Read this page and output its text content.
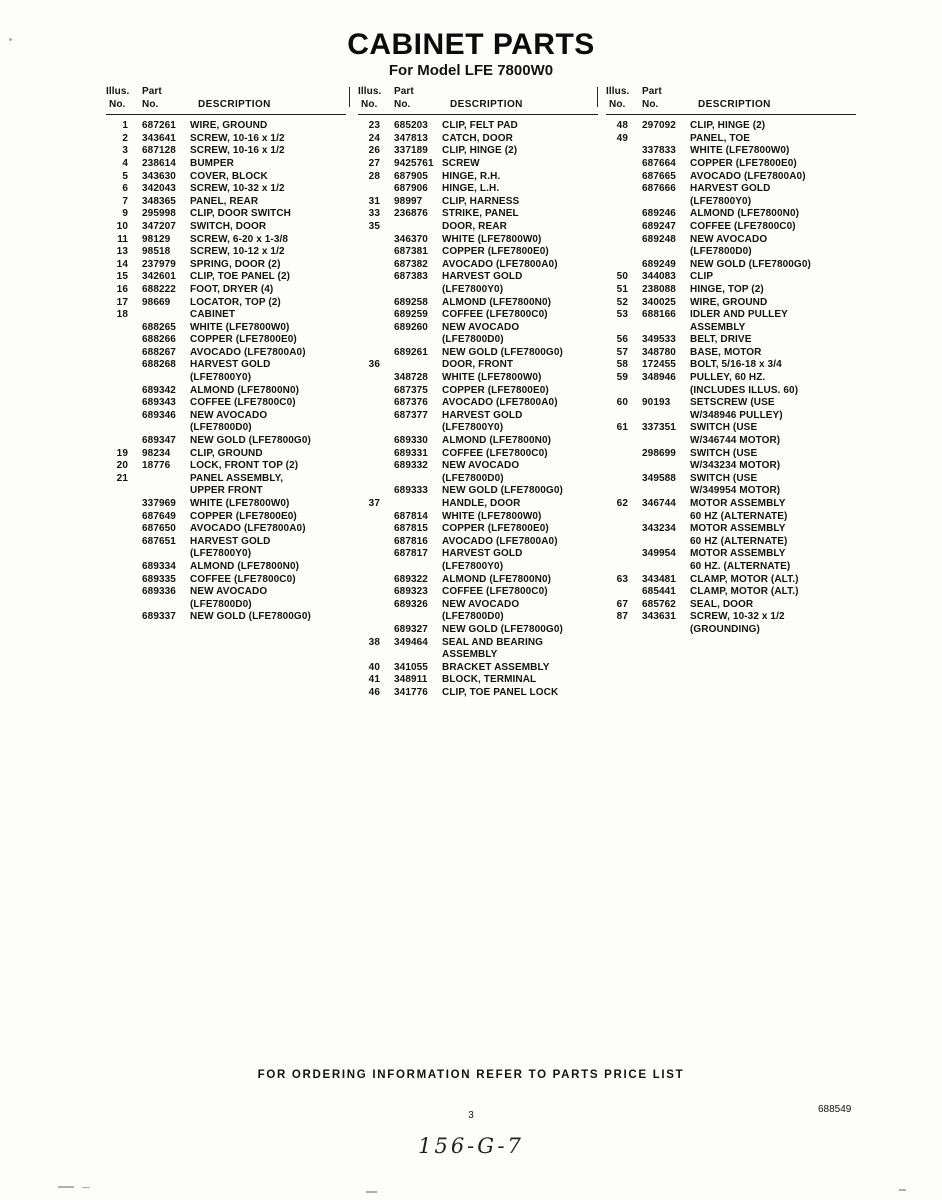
CABINET PARTS
For Model LFE 7800W0
Illus.	Part
No. No.	DESCRIPTION
1 687261	WIRE, GROUND
2 343641	SCREW, 10-16 x 1/2
3 687128	SCREW, 10-16 x 1/2
4 238614	BUMPER
5 343630	COVER, BLOCK
6 342043	SCREW, 10-32 x 1/2
7 348365	PANEL, REAR
9 295998	CLIP, DOOR SWITCH
10 347207	SWITCH, DOOR
11 98129	SCREW, 6-20 x 1-3/8
13 98518	SCREW, 10-12 x 1/2
14 237979	SPRING, DOOR (2)
15 342601	CLIP, TOE PANEL (2)
16 688222	FOOT, DRYER (4)
17 98669	LOCATOR, TOP (2)
18	CABINET
688265	WHITE (LFE7800W0)
688266	COPPER (LFE7800E0)
688267	AVOCADO (LFE7800A0)
688268	HARVEST GOLD
(LFE7800Y0)
689342	ALMOND (LFE7800N0)
689343	COFFEE (LFE7800C0)
689346	NEW AVOCADO
(LFE7800D0)
689347	NEW GOLD (LFE7800G0)
19 98234	CLIP, GROUND
20 18776	LOCK, FRONT TOP (2)
21	PANEL ASSEMBLY,
UPPER FRONT
337969	WHITE (LFE7800W0)
687649	COPPER (LFE7800E0)
687650	AVOCADO (LFE7800A0)
687651	HARVEST GOLD
(LFE7800Y0)
689334	ALMOND (LFE7800N0)
689335	COFFEE (LFE7800C0)
689336	NEW AVOCADO
(LFE7800D0)
689337	NEW GOLD (LFE7800G0)
Illus.	Part
No. No.	DESCRIPTION
23 685203	CLIP, FELT PAD
24 347813	CATCH, DOOR
26 337189	CLIP, HINGE (2)
27 9425761 SCREW
28 687905	HINGE, R.H.
687906	HINGE, L.H.
31 98997	CLIP, HARNESS
33 236876	STRIKE, PANEL
35	DOOR, REAR
346370	WHITE (LFE7800W0)
687381	COPPER (LFE7800E0)
687382	AVOCADO (LFE7800A0)
687383	HARVEST GOLD
(LFE7800Y0)
689258	ALMOND (LFE7800N0)
689259	COFFEE (LFE7800C0)
689260	NEW AVOCADO
(LFE7800D0)
689261	NEW GOLD (LFE7800G0)
36	DOOR, FRONT
348728	WHITE (LFE7800W0)
687375	COPPER (LFE7800E0)
687376	AVOCADO (LFE7800A0)
687377	HARVEST GOLD
(LFE7800Y0)
689330	ALMOND (LFE7800N0)
689331	COFFEE (LFE7800C0)
689332	NEW AVOCADO
(LFE7800D0)
689333	NEW GOLD (LFE7800G0)
37	HANDLE, DOOR
687814	WHITE (LFE7800W0)
687815	COPPER (LFE7800E0)
687816	AVOCADO (LFE7800A0)
687817	HARVEST GOLD
(LFE7800Y0)
689322	ALMOND (LFE7800N0)
689323	COFFEE (LFE7800C0)
689326	NEW AVOCADO
(LFE7800D0)
689327	NEW GOLD (LFE7800G0)
38 349464	SEAL AND BEARING
ASSEMBLY
40 341055	BRACKET ASSEMBLY
41 348911	BLOCK, TERMINAL
46 341776	CLIP, TOE PANEL LOCK
Illus.	Part
No. No.	DESCRIPTION
48 297092	CLIP, HINGE (2)
49	PANEL, TOE
337833	WHITE (LFE7800W0)
687664	COPPER (LFE7800E0)
687665	AVOCADO (LFE7800A0)
687666	HARVEST GOLD
(LFE7800Y0)
689246	ALMOND (LFE7800N0)
689247	COFFEE (LFE7800C0)
689248	NEW AVOCADO
(LFE7800D0)
689249	NEW GOLD (LFE7800G0)
50 344083	CLIP
51 238088	HINGE, TOP (2)
52 340025	WIRE, GROUND
53 688166	IDLER AND PULLEY
ASSEMBLY
56 349533	BELT, DRIVE
57 348780	BASE, MOTOR
58 172455	BOLT, 5/16-18 x 3/4
59 348946	PULLEY, 60 HZ.
(INCLUDES ILLUS. 60)
60 90193	SETSCREW (USE
W/348946 PULLEY)
61 337351	SWITCH (USE
W/346744 MOTOR)
298699	SWITCH (USE
W/343234 MOTOR)
349588	SWITCH (USE
W/349954 MOTOR)
62 346744	MOTOR ASSEMBLY
60 HZ (ALTERNATE)
343234	MOTOR ASSEMBLY
60 HZ (ALTERNATE)
349954	MOTOR ASSEMBLY
60 HZ. (ALTERNATE)
63 343481	CLAMP, MOTOR (ALT.)
685441	CLAMP, MOTOR (ALT.)
67 685762	SEAL, DOOR
87 343631	SCREW, 10-32 x 1/2
(GROUNDING)
FOR ORDERING INFORMATION REFER TO PARTS PRICE LIST
3
688549
156-G-7
